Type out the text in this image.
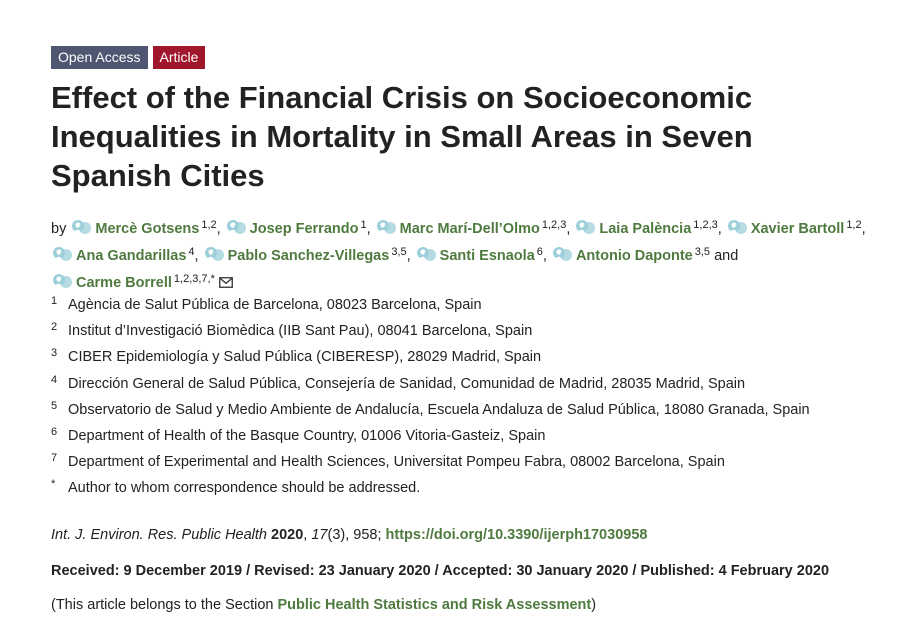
Open Access	Article
Effect of the Financial Crisis on Socioeconomic Inequalities in Mortality in Small Areas in Seven Spanish Cities
by Mercè Gotsens $^{1,2}$, Josep Ferrando $^1$, Marc Marí-Dell’Olmo $^{1,2,3}$, Laia Palència $^{1,2,3}$, Xavier Bartoll $^{1,2}$, Ana Gandarillas $^4$, Pablo Sanchez-Villegas $^{3,5}$, Santi Esnaola $^6$, Antonio Daponte $^{3,5}$ and Carme Borrell $^{1,2,3,7,*}$
1 Agència de Salut Pública de Barcelona, 08023 Barcelona, Spain
2 Institut d’Investigació Biomèdica (IIB Sant Pau), 08041 Barcelona, Spain
3 CIBER Epidemiología y Salud Pública (CIBERESP), 28029 Madrid, Spain
4 Dirección General de Salud Pública, Consejería de Sanidad, Comunidad de Madrid, 28035 Madrid, Spain
5 Observatorio de Salud y Medio Ambiente de Andalucía, Escuela Andaluza de Salud Pública, 18080 Granada, Spain
6 Department of Health of the Basque Country, 01006 Vitoria-Gasteiz, Spain
7 Department of Experimental and Health Sciences, Universitat Pompeu Fabra, 08002 Barcelona, Spain
* Author to whom correspondence should be addressed.
Int. J. Environ. Res. Public Health 2020, 17(3), 958; https://doi.org/10.3390/ijerph17030958
Received: 9 December 2019 / Revised: 23 January 2020 / Accepted: 30 January 2020 / Published: 4 February 2020
(This article belongs to the Section Public Health Statistics and Risk Assessment)
